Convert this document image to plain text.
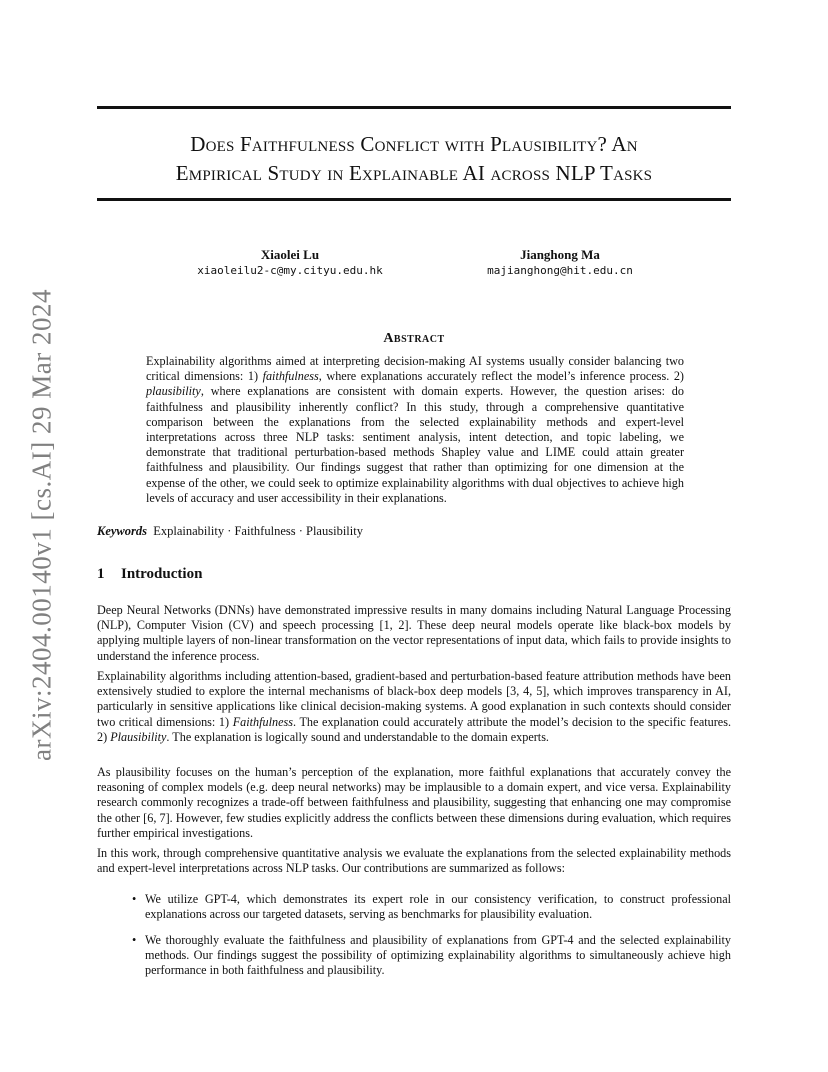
arXiv:2404.00140v1 [cs.AI] 29 Mar 2024
Does Faithfulness Conflict with Plausibility? An
Empirical Study in Explainable AI across NLP Tasks
Xiaolei Lu
xiaoleilu2-c@my.cityu.edu.hk
Jianghong Ma
majianghong@hit.edu.cn
Abstract
Explainability algorithms aimed at interpreting decision-making AI systems usually consider balancing two critical dimensions: 1) faithfulness, where explanations accurately reflect the model’s inference process. 2) plausibility, where explanations are consistent with domain experts. However, the question arises: do faithfulness and plausibility inherently conflict? In this study, through a comprehensive quantitative comparison between the explanations from the selected explainability methods and expert-level interpretations across three NLP tasks: sentiment analysis, intent detection, and topic labeling, we demonstrate that traditional perturbation-based methods Shapley value and LIME could attain greater faithfulness and plausibility. Our findings suggest that rather than optimizing for one dimension at the expense of the other, we could seek to optimize explainability algorithms with dual objectives to achieve high levels of accuracy and user accessibility in their explanations.
Keywords Explainability · Faithfulness · Plausibility
1 Introduction

Deep Neural Networks (DNNs) have demonstrated impressive results in many domains including Natural Language Processing (NLP), Computer Vision (CV) and speech processing [1, 2]. These deep neural models operate like black-box models by applying multiple layers of non-linear transformation on the vector representations of input data, which fails to provide insights to understand the inference process.

Explainability algorithms including attention-based, gradient-based and perturbation-based feature attribution methods have been extensively studied to explore the internal mechanisms of black-box deep models [3, 4, 5], which improves transparency in AI, particularly in sensitive applications like clinical decision-making systems. A good explanation in such contexts should consider two critical dimensions: 1) Faithfulness. The explanation could accurately attribute the model’s decision to the specific features. 2) Plausibility. The explanation is logically sound and understandable to the domain experts.

As plausibility focuses on the human’s perception of the explanation, more faithful explanations that accurately convey the reasoning of complex models (e.g. deep neural networks) may be implausible to a domain expert, and vice versa. Explainability research commonly recognizes a trade-off between faithfulness and plausibility, suggesting that enhancing one may compromise the other [6, 7]. However, few studies explicitly address the conflicts between these dimensions during evaluation, which requires further empirical investigations.

In this work, through comprehensive quantitative analysis we evaluate the explanations from the selected explainability methods and expert-level interpretations across NLP tasks. Our contributions are summarized as follows:

• We utilize GPT-4, which demonstrates its expert role in our consistency verification, to construct professional explanations across our targeted datasets, serving as benchmarks for plausibility evaluation.
• We thoroughly evaluate the faithfulness and plausibility of explanations from GPT-4 and the selected explainability methods. Our findings suggest the possibility of optimizing explainability algorithms to simultaneously achieve high performance in both faithfulness and plausibility.
